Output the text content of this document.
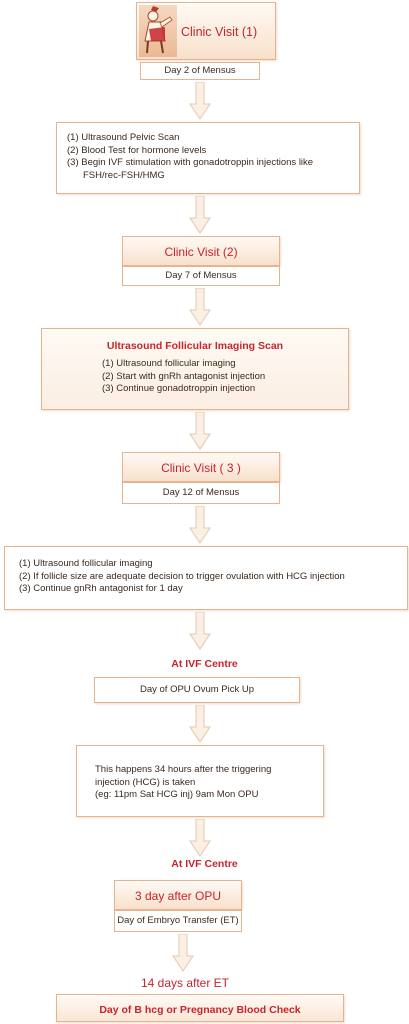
Clinic Visit (1)
Day 2 of Mensus
(1) Ultrasound Pelvic Scan
(2) Blood Test for hormone levels
(3) Begin IVF stimulation with gonadotroppin injections like
FSH/rec-FSH/HMG
Clinic Visit (2)
Day 7 of Mensus
Ultrasound Follicular Imaging Scan
(1) Ultrasound follicular imaging
(2) Start with gnRh antagonist injection
(3) Continue gonadotroppin injection
Clinic Visit ( 3 )
Day 12 of Mensus
(1) Ultrasound follicular imaging
(2) If follicle size are adequate decision to trigger ovulation with HCG injection
(3) Continue gnRh antagonist for 1 day
At IVF Centre
Day of OPU Ovum Pick Up
This happens 34 hours after the triggering
injection (HCG) is taken
(eg: 11pm Sat HCG inj) 9am Mon OPU
At IVF Centre
3 day after OPU
Day of Embryo Transfer (ET)
14 days after ET
Day of B hcg or Pregnancy Blood Check
